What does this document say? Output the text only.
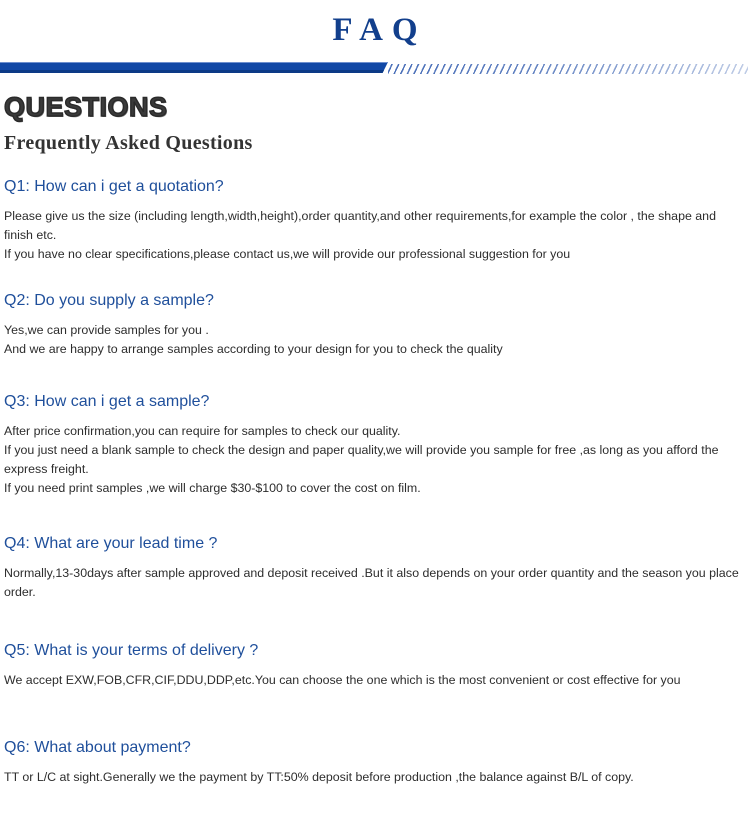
FAQ
QUESTIONS
Frequently Asked Questions
Q1: How can i get a quotation?

Please give us the size (including length,width,height),order quantity,and other requirements,for example the color , the shape and finish etc.

If you have no clear specifications,please contact us,we will provide our professional suggestion for you

Q2: Do you supply a sample?

Yes,we can provide samples for you .

And we are happy to arrange samples according to your design for you to check the quality

Q3: How can i get a sample?

After price confirmation,you can require for samples to check our quality.

If you just need a blank sample to check the design and paper quality,we will provide you sample for free ,as long as you afford the express freight.

If you need print samples ,we will charge $30-$100 to cover the cost on film.

Q4: What are your lead time ?

Normally,13-30days after sample approved and deposit received .But it also depends on your order quantity and the season you place order.

Q5: What is your terms of delivery ?

We accept EXW,FOB,CFR,CIF,DDU,DDP,etc.You can choose the one which is the most convenient or cost effective for you

Q6: What about payment?

TT or L/C at sight.Generally we the payment by TT:50% deposit before production ,the balance against B/L of copy.
